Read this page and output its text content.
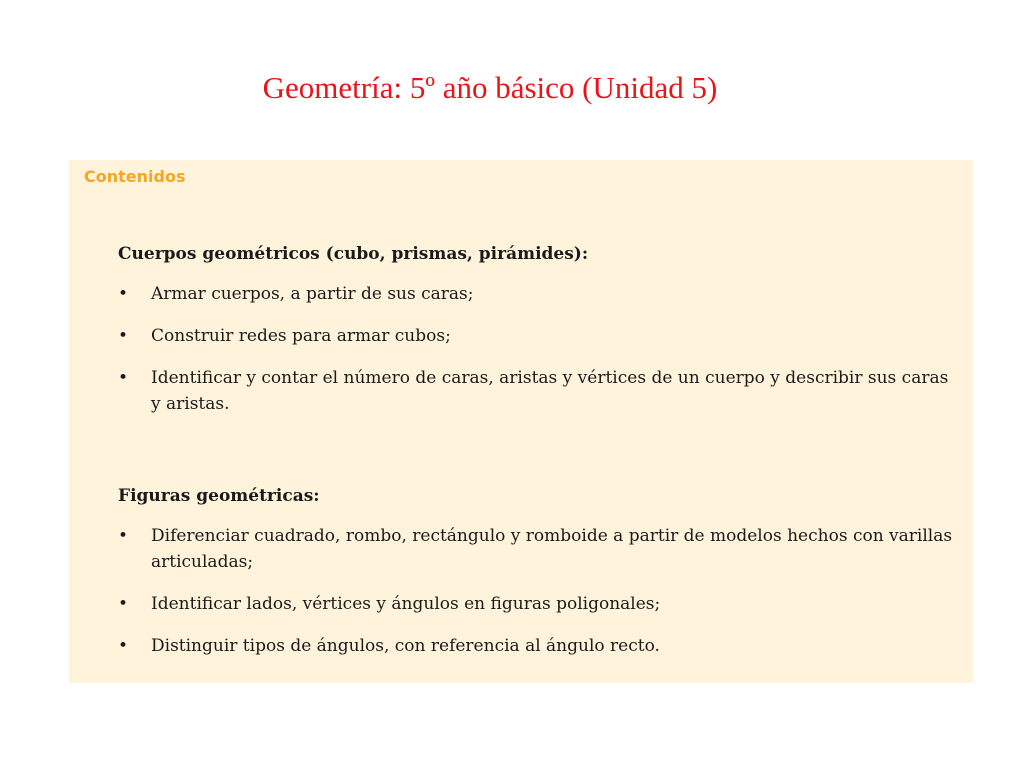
Geometría: 5º año básico (Unidad 5)
Contenidos

Cuerpos geométricos (cubo, prismas, pirámides):

• Armar cuerpos, a partir de sus caras;
• Construir redes para armar cubos;
• Identificar y contar el número de caras, aristas y vértices de un cuerpo y describir sus caras y aristas.

Figuras geométricas:

• Diferenciar cuadrado, rombo, rectángulo y romboide a partir de modelos hechos con varillas articuladas;
• Identificar lados, vértices y ángulos en figuras poligonales;
• Distinguir tipos de ángulos, con referencia al ángulo recto.
